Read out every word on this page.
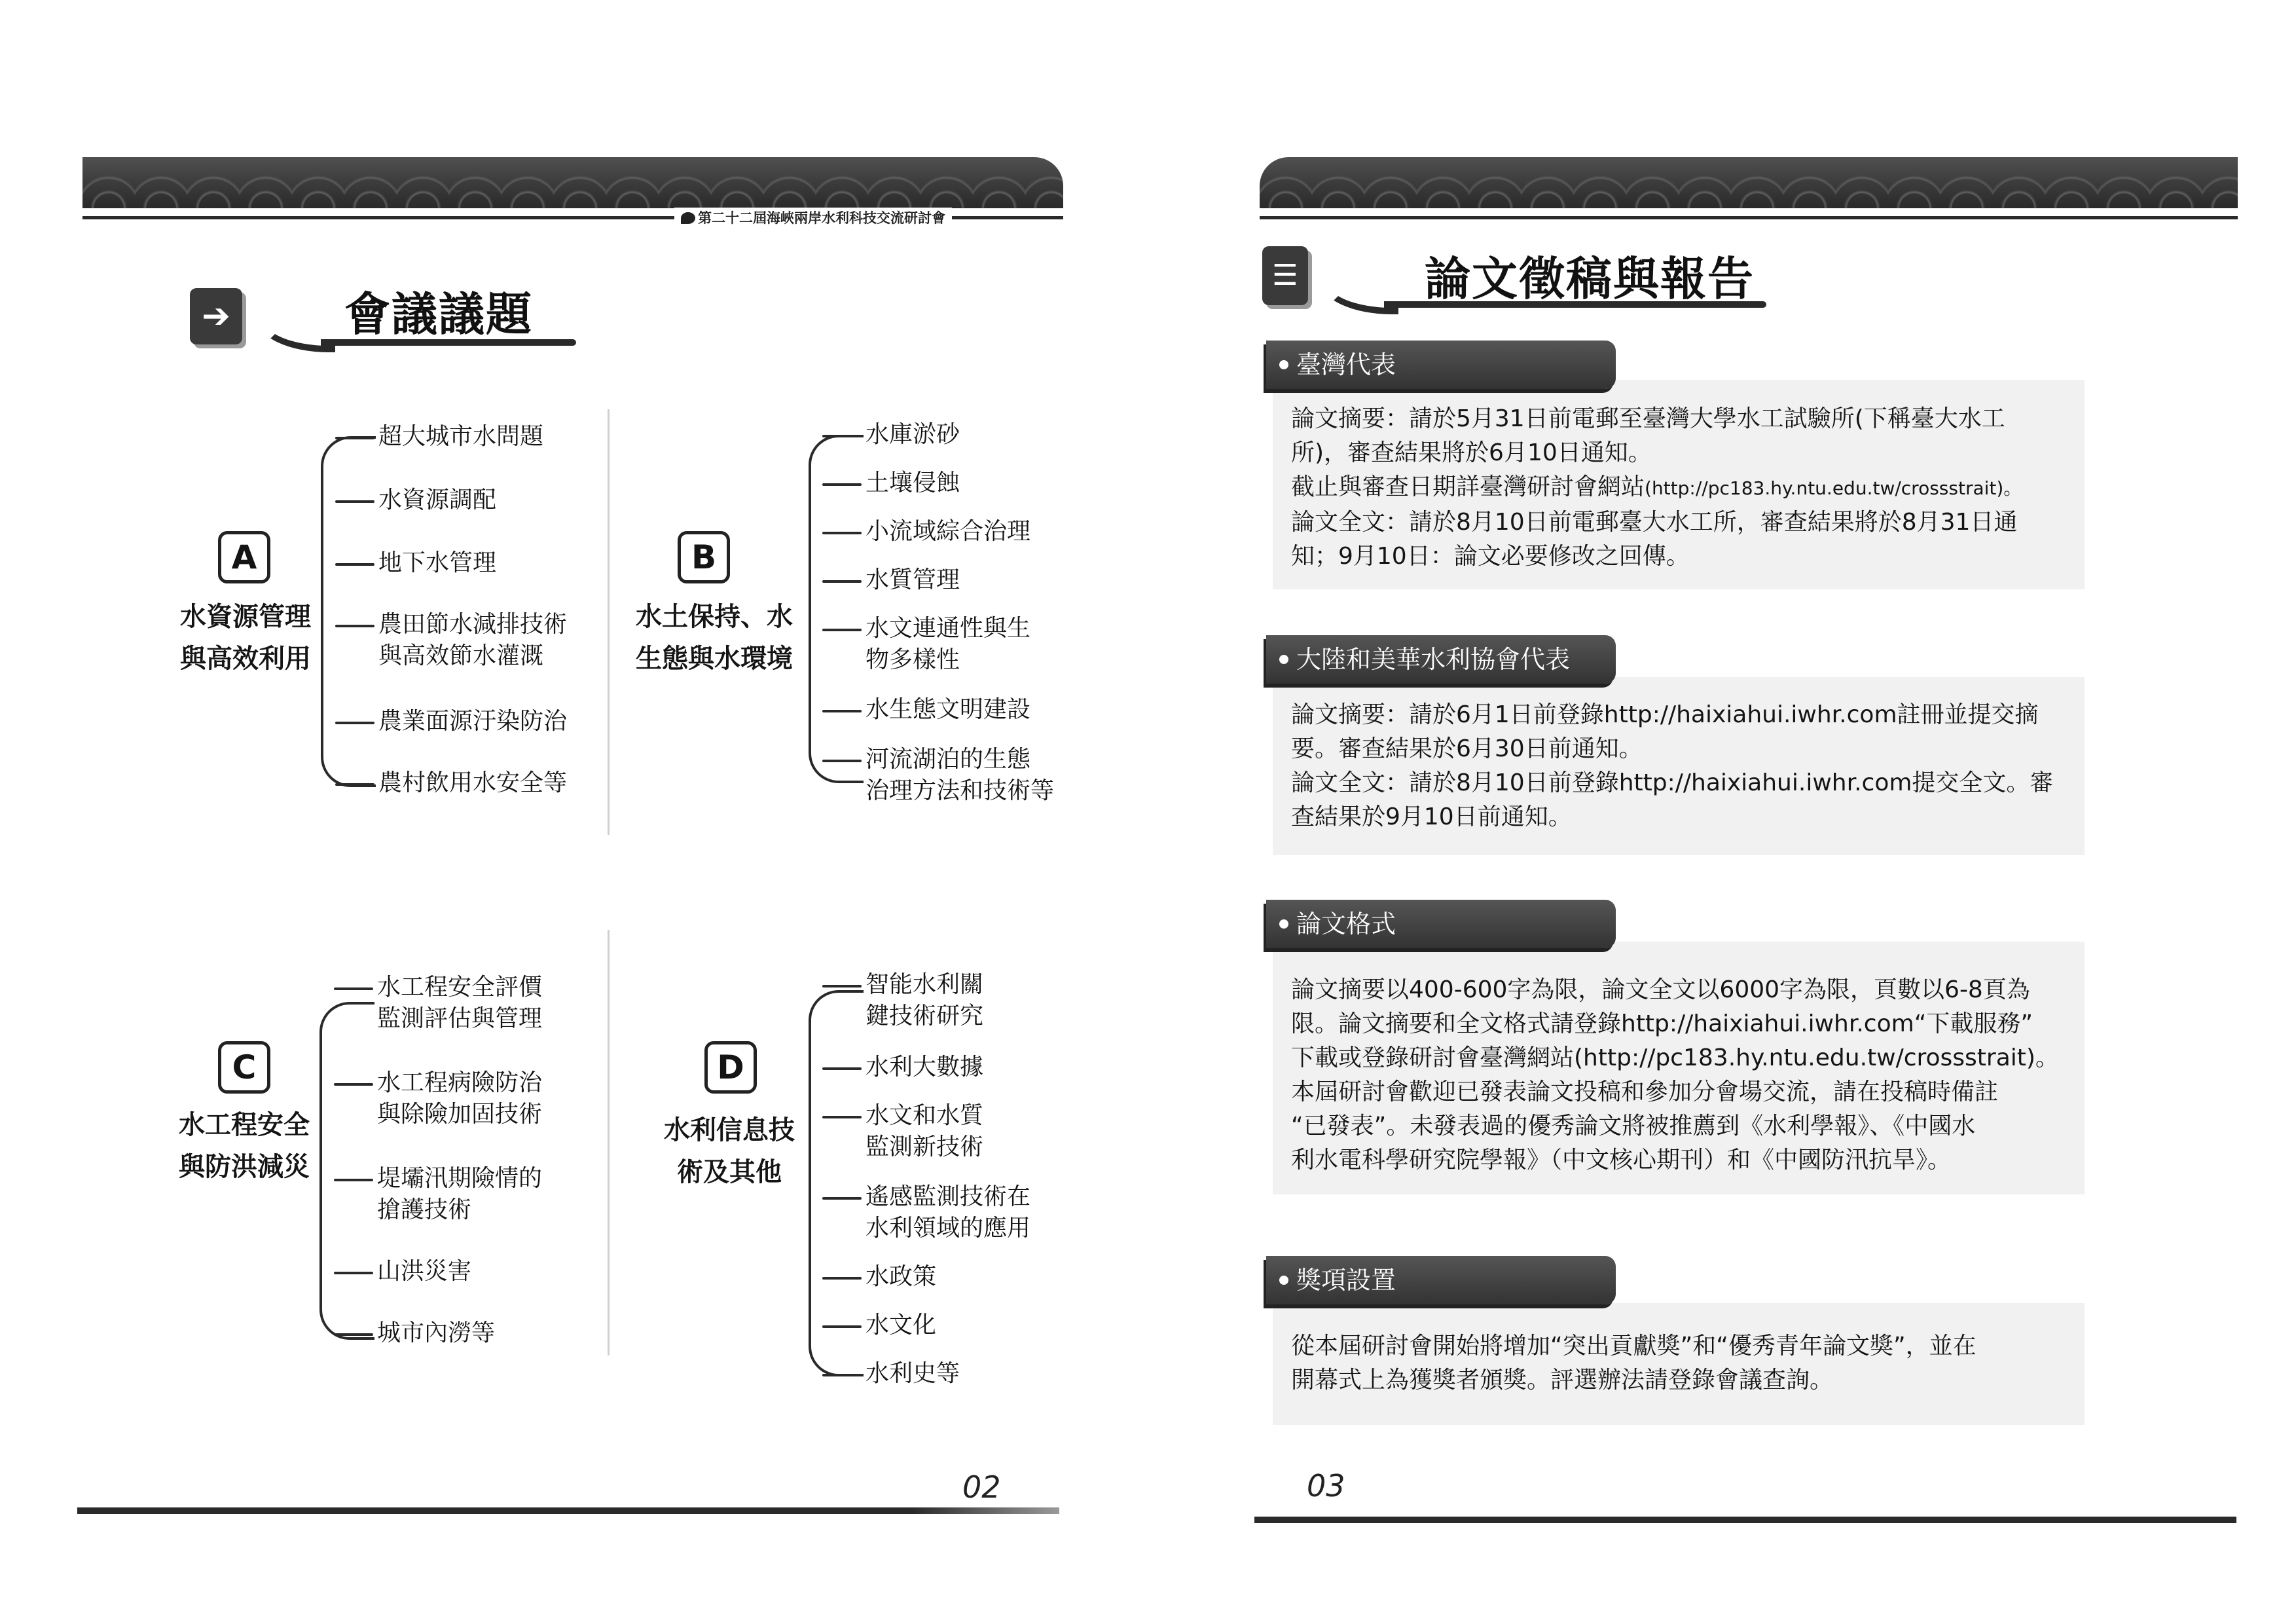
第二十二屆海峽兩岸水利科技交流研討會
➔ 會議議題
A
水資源管理
與高效利用
超大城市水問題
水資源調配
地下水管理
農田節水減排技術
與高效節水灌溉
農業面源汙染防治
農村飲用水安全等
B
水土保持、水
生態與水環境
水庫淤砂
土壤侵蝕
小流域綜合治理
水質管理
水文連通性與生
物多樣性
水生態文明建設
河流湖泊的生態
治理方法和技術等
C
水工程安全
與防洪減災
水工程安全評價
監測評估與管理
水工程病險防治
與除險加固技術
堤壩汛期險情的
搶護技術
山洪災害
城市內澇等
D
水利信息技
術及其他
智能水利關
鍵技術研究
水利大數據
水文和水質
監測新技術
遙感監測技術在
水利領域的應用
水政策
水文化
水利史等
02
☰	論文徵稿與報告
臺灣代表
論文摘要：請於5月31日前電郵至臺灣大學水工試驗所(下稱臺大水工
所)，審查結果將於6月10日通知。
截止與審查日期詳臺灣研討會網站(http://pc183.hy.ntu.edu.tw/crossstrait)。
論文全文：請於8月10日前電郵臺大水工所，審查結果將於8月31日通
知；9月10日：論文必要修改之回傳。
大陸和美華水利協會代表
論文摘要：請於6月1日前登錄http://haixiahui.iwhr.com註冊並提交摘
要。審查結果於6月30日前通知。
論文全文：請於8月10日前登錄http://haixiahui.iwhr.com提交全文。審
查結果於9月10日前通知。
論文格式
論文摘要以400-600字為限，論文全文以6000字為限，頁數以6-8頁為
限。論文摘要和全文格式請登錄http://haixiahui.iwhr.com“下載服務”
下載或登錄研討會臺灣網站(http://pc183.hy.ntu.edu.tw/crossstrait)。
本屆研討會歡迎已發表論文投稿和參加分會場交流，請在投稿時備註
“已發表”。未發表過的優秀論文將被推薦到《水利學報》、《中國水
利水電科學研究院學報》（中文核心期刊）和《中國防汛抗旱》。
獎項設置
從本屆研討會開始將增加“突出貢獻獎”和“優秀青年論文獎”，並在
開幕式上為獲獎者頒獎。評選辦法請登錄會議查詢。
03
